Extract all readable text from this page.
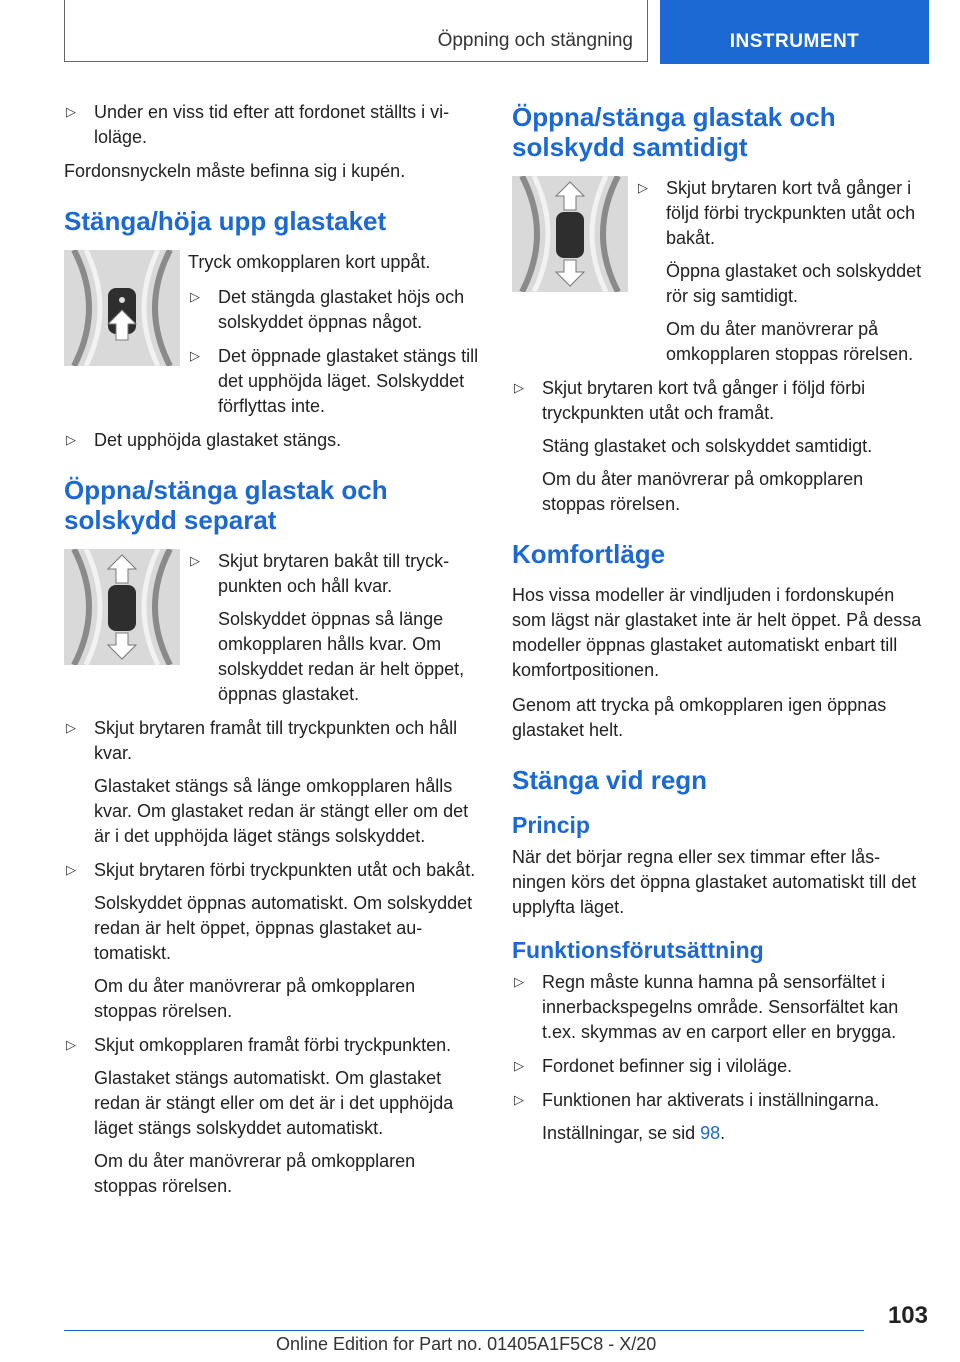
Öppning och stängning	INSTRUMENT
▷ Under en viss tid efter att fordonet ställts i viloläge.

Fordonsnyckeln måste befinna sig i kupén.

Stänga/höja upp glastaket

Tryck omkopplaren kort uppåt.

▷ Det stängda glastaket höjs och solskyddet öppnas något.

▷ Det öppnade glastaket stängs till det upphöjda läget. Solskyddet förflyttas inte.

▷ Det upphöjda glastaket stängs.

Öppna/stänga glastak och solskydd separat
▷ Skjut brytaren bakåt till tryckpunkten och håll kvar.

Solskyddet öppnas så länge omkopplaren hålls kvar. Om solskyddet redan är helt öppet, öppnas glastaket.

▷ Skjut brytaren framåt till tryckpunkten och håll kvar.

Glastaket stängs så länge omkopplaren hålls kvar. Om glastaket redan är stängt eller om det är i det upphöjda läget stängs solskyddet.

▷ Skjut brytaren förbi tryckpunkten utåt och bakåt.

Solskyddet öppnas automatiskt. Om solskyddet redan är helt öppet, öppnas glastaket automatiskt.

Om du åter manövrerar på omkopplaren stoppas rörelsen.

▷ Skjut omkopplaren framåt förbi tryckpunkten.

Glastaket stängs automatiskt. Om glastaket redan är stängt eller om det är i det upphöjda läget stängs solskyddet automatiskt.

Om du åter manövrerar på omkopplaren stoppas rörelsen.

Öppna/stänga glastak och solskydd samtidigt
▷ Skjut brytaren kort två gånger i följd förbi tryckpunkten utåt och bakåt.

Öppna glastaket och solskyddet rör sig samtidigt.

Om du åter manövrerar på omkopplaren stoppas rörelsen.

▷ Skjut brytaren kort två gånger i följd förbi tryckpunkten utåt och framåt.

Stäng glastaket och solskyddet samtidigt.

Om du åter manövrerar på omkopplaren stoppas rörelsen.

Komfortläge

Hos vissa modeller är vindljuden i fordonskupén som lägst när glastaket inte är helt öppet. På dessa modeller öppnas glastaket automatiskt enbart till komfortpositionen.

Genom att trycka på omkopplaren igen öppnas glastaket helt.

Stänga vid regn
Princip

När det börjar regna eller sex timmar efter låsningen körs det öppna glastaket automatiskt till det upplyfta läget.

Funktionsförutsättning
▷ Regn måste kunna hamna på sensorfältet i innerbackspegelns område. Sensorfältet kan t.ex. skymmas av en carport eller en brygga.

▷ Fordonet befinner sig i viloläge.

▷ Funktionen har aktiverats i inställningarna.

Inställningar, se sid 98.

103
Online Edition for Part no. 01405A1F5C8 - X/20
